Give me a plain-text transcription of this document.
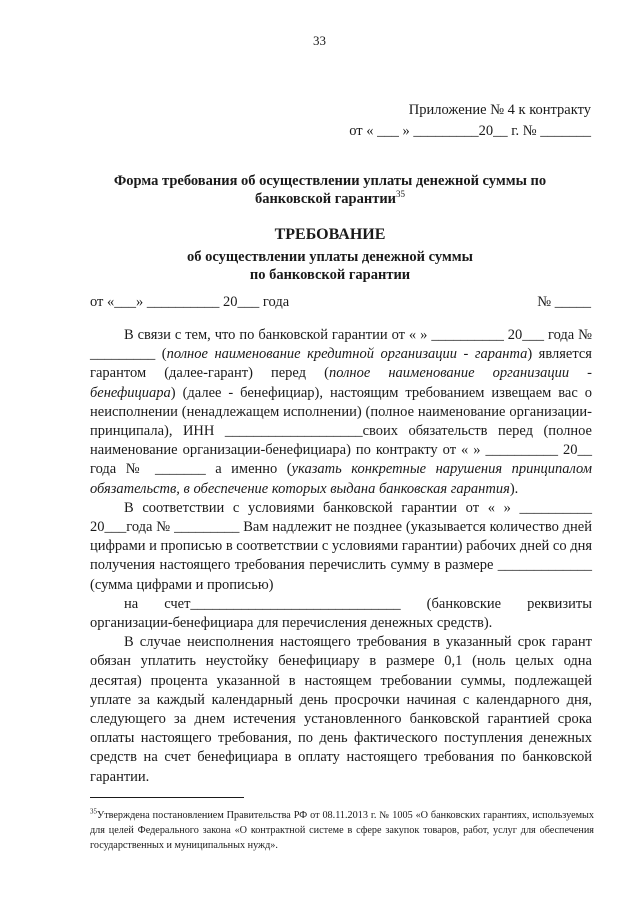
33
Приложение № 4 к контракту
от « ___ » _________20__ г. № _______
Форма требования об осуществлении уплаты денежной суммы по
банковской гарантии$^{35}$
ТРЕБОВАНИЕ
об осуществлении уплаты денежной суммы
по банковской гарантии
от «___» __________ 20___ года	№ _____

В связи с тем, что по банковской гарантии от « » __________ 20___ года № _________ (полное наименование кредитной организации - гаранта) является гарантом (далее-гарант) перед (полное наименование организации - бенефициара) (далее - бенефициар), настоящим требованием извещаем вас о неисполнении (ненадлежащем исполнении) (полное наименование организации-принципала), ИНН ___________________своих обязательств перед (полное наименование организации-бенефициара) по контракту от « » __________ 20__ года № _______ а именно (указать конкретные нарушения принципалом обязательств, в обеспечение которых выдана банковская гарантия).

В соответствии с условиями банковской гарантии от « » __________ 20___года № _________ Вам надлежит не позднее (указывается количество дней цифрами и прописью в соответствии с условиями гарантии) рабочих дней со дня получения настоящего требования перечислить сумму в размере _____________ (сумма цифрами и прописью)

на счет_____________________________ (банковские реквизиты организации-бенефициара для перечисления денежных средств).

В случае неисполнения настоящего требования в указанный срок гарант обязан уплатить неустойку бенефициару в размере 0,1 (ноль целых одна десятая) процента указанной в настоящем требовании суммы, подлежащей уплате за каждый календарный день просрочки начиная с календарного дня, следующего за днем истечения установленного банковской гарантией срока оплаты настоящего требования, по день фактического поступления денежных средств на счет бенефициара в оплату настоящего требования по банковской гарантии.

$^{35}$Утверждена постановлением Правительства РФ от 08.11.2013 г. № 1005 «О банковских гарантиях, используемых для целей Федерального закона «О контрактной системе в сфере закупок товаров, работ, услуг для обеспечения государственных и муниципальных нужд».
